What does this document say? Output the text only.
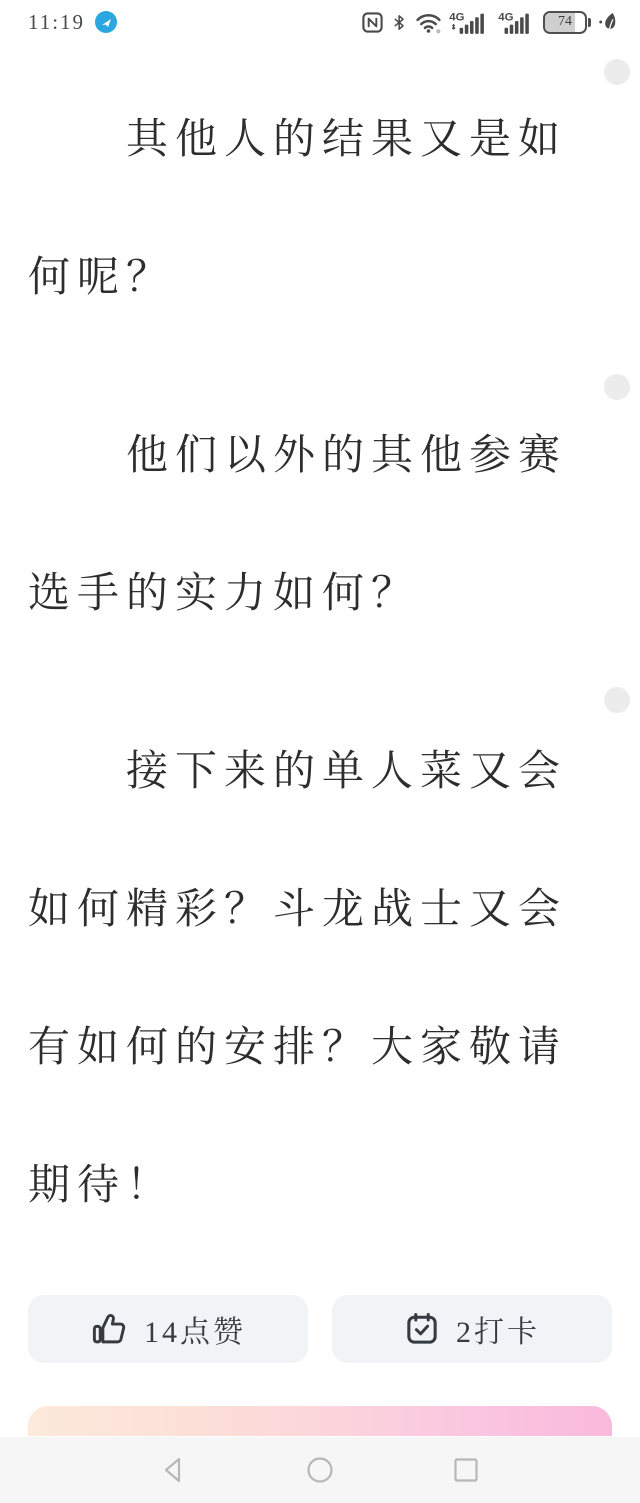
11:19	4G	4G	74

其他人的结果又是如何呢？

他们以外的其他参赛选手的实力如何？

接下来的单人菜又会如何精彩？斗龙战士又会有如何的安排？大家敬请期待！

14点赞	2打卡
